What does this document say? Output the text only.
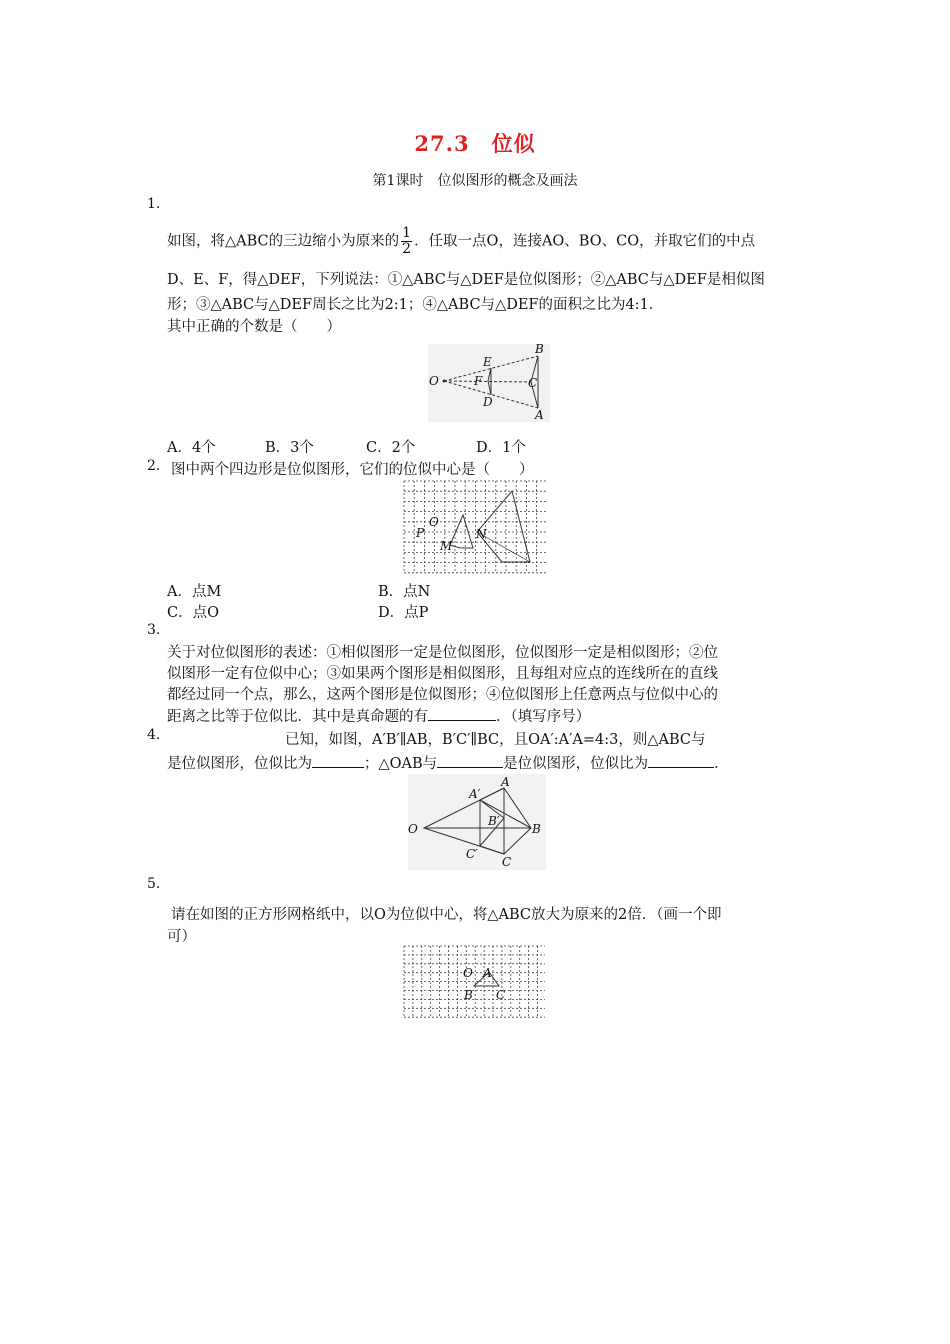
27.3　位似
第1课时　位似图形的概念及画法
1.
如图，将△ABC的三边缩小为原来的 $\frac{1}{2}$ ．任取一点O，连接AO、BO、CO，并取它们的中点
D、E、F，得△DEF，下列说法：①△ABC与△DEF是位似图形；②△ABC与△DEF是相似图
形；③△ABC与△DEF周长之比为2:1；④△ABC与△DEF的面积之比为4:1．
其中正确的个数是（　　）
O
E
F
D
B
C
A
A．4个	B．3个	C．2个	D．1个
2. 图中两个四边形是位似图形，它们的位似中心是（　　）
O
P
M
N
A．点M	B．点N
C．点O	D．点P
3.
关于对位似图形的表述：①相似图形一定是位似图形，位似图形一定是相似图形；②位
似图形一定有位似中心；③如果两个图形是相似图形，且每组对应点的连线所在的直线
都经过同一个点，那么，这两个图形是位似图形；④位似图形上任意两点与位似中心的
距离之比等于位似比．其中是真命题的有	．（填写序号）
4.	已知，如图，A′B′∥AB，B′C′∥BC，且OA′:A′A=4:3，则△ABC与
是位似图形，位似比为	；△OAB与	是位似图形，位似比为	．
O
A′
A
B′
B
C′
C
5.
请在如图的正方形网格纸中，以O为位似中心，将△ABC放大为原来的2倍．（画一个即
可）
O A
B C
